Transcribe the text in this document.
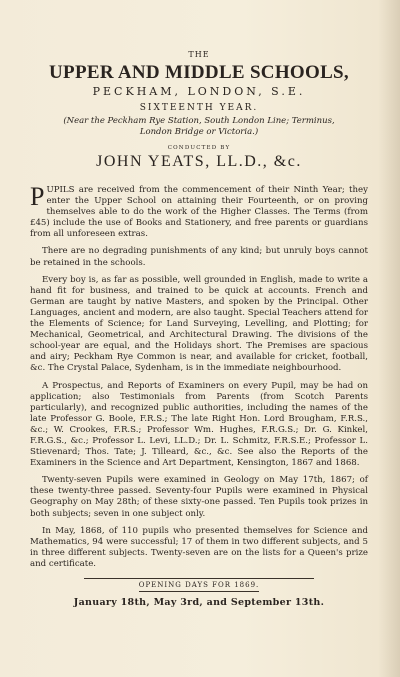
THE
UPPER AND MIDDLE SCHOOLS,
PECKHAM, LONDON, S.E.
SIXTEENTH YEAR.
(Near the Peckham Rye Station, South London Line; Terminus,
London Bridge or Victoria.)
CONDUCTED BY
JOHN YEATS, LL.D., &c.

PUPILS are received from the commencement of their Ninth Year; they enter the Upper School on attaining their Fourteenth, or on proving themselves able to do the work of the Higher Classes. The Terms (from £45) include the use of Books and Stationery, and free parents or guardians from all unforeseen extras.

There are no degrading punishments of any kind; but unruly boys cannot be retained in the schools.

Every boy is, as far as possible, well grounded in English, made to write a hand fit for business, and trained to be quick at accounts. French and German are taught by native Masters, and spoken by the Principal. Other Languages, ancient and modern, are also taught. Special Teachers attend for the Elements of Science; for Land Surveying, Levelling, and Plotting; for Mechanical, Geometrical, and Architectural Drawing. The divisions of the school-year are equal, and the Holidays short. The Premises are spacious and airy; Peckham Rye Common is near, and available for cricket, football, &c. The Crystal Palace, Sydenham, is in the immediate neighbourhood.

A Prospectus, and Reports of Examiners on every Pupil, may be had on application; also Testimonials from Parents (from Scotch Parents particularly), and recognized public authorities, including the names of the late Professor G. Boole, F.R.S.; The late Right Hon. Lord Brougham, F.R.S., &c.; W. Crookes, F.R.S.; Professor Wm. Hughes, F.R.G.S.; Dr. G. Kinkel, F.R.G.S., &c.; Professor L. Levi, LL.D.; Dr. L. Schmitz, F.R.S.E.; Professor L. Stievenard; Thos. Tate; J. Tilleard, &c., &c. See also the Reports of the Examiners in the Science and Art Department, Kensington, 1867 and 1868.

Twenty-seven Pupils were examined in Geology on May 17th, 1867; of these twenty-three passed. Seventy-four Pupils were examined in Physical Geography on May 28th; of these sixty-one passed. Ten Pupils took prizes in both subjects; seven in one subject only.

In May, 1868, of 110 pupils who presented themselves for Science and Mathematics, 94 were successful; 17 of them in two different subjects, and 5 in three different subjects. Twenty-seven are on the lists for a Queen's prize and certificate.

OPENING DAYS FOR 1869.
January 18th, May 3rd, and September 13th.
